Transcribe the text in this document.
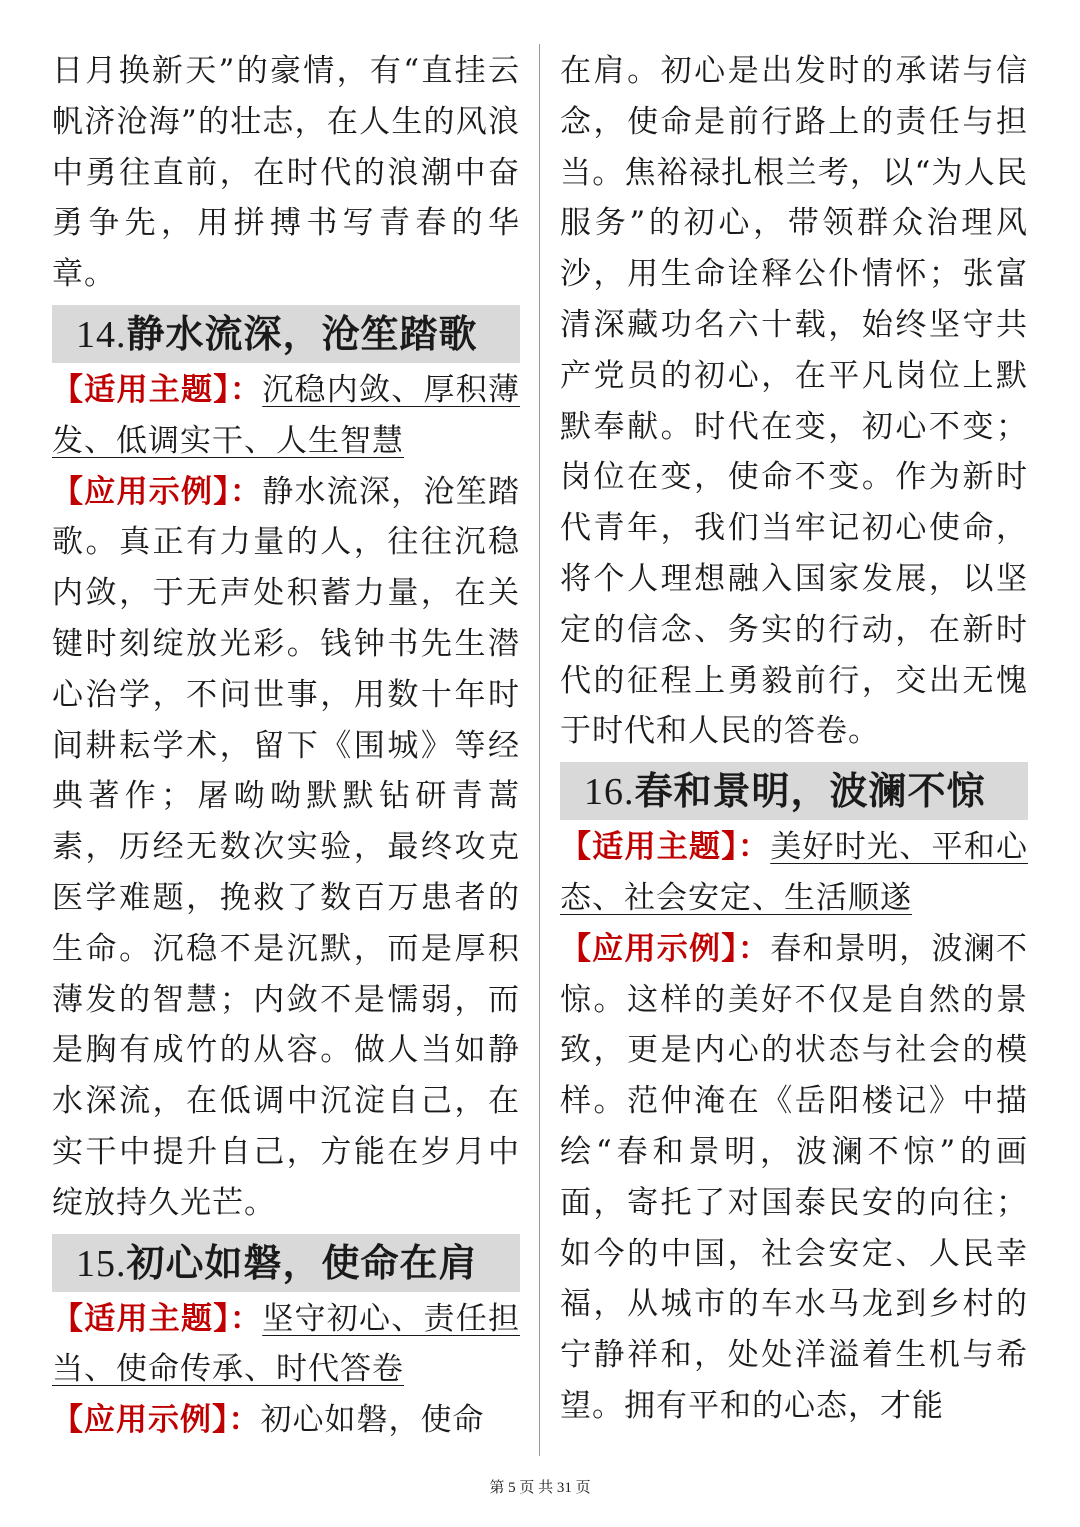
日月换新天”的豪情，有“直挂云帆济沧海”的壮志，在人生的风浪中勇往直前，在时代的浪潮中奋勇争先，用拼搏书写青春的华章。

14.静水流深，沧笙踏歌

【适用主题】：沉稳内敛、厚积薄发、低调实干、人生智慧

【应用示例】：静水流深，沧笙踏歌。真正有力量的人，往往沉稳内敛，于无声处积蓄力量，在关键时刻绽放光彩。钱钟书先生潜心治学，不问世事，用数十年时间耕耘学术，留下《围城》等经典著作；屠呦呦默默钻研青蒿素，历经无数次实验，最终攻克医学难题，挽救了数百万患者的生命。沉稳不是沉默，而是厚积薄发的智慧；内敛不是懦弱，而是胸有成竹的从容。做人当如静水深流，在低调中沉淀自己，在实干中提升自己，方能在岁月中绽放持久光芒。

15.初心如磐，使命在肩

【适用主题】：坚守初心、责任担当、使命传承、时代答卷

【应用示例】：初心如磐，使命

在肩。初心是出发时的承诺与信念，使命是前行路上的责任与担当。焦裕禄扎根兰考，以“为人民服务”的初心，带领群众治理风沙，用生命诠释公仆情怀；张富清深藏功名六十载，始终坚守共产党员的初心，在平凡岗位上默默奉献。时代在变，初心不变；岗位在变，使命不变。作为新时代青年，我们当牢记初心使命，将个人理想融入国家发展，以坚定的信念、务实的行动，在新时代的征程上勇毅前行，交出无愧于时代和人民的答卷。

16.春和景明，波澜不惊

【适用主题】：美好时光、平和心态、社会安定、生活顺遂

【应用示例】：春和景明，波澜不惊。这样的美好不仅是自然的景致，更是内心的状态与社会的模样。范仲淹在《岳阳楼记》中描绘“春和景明，波澜不惊”的画面，寄托了对国泰民安的向往；如今的中国，社会安定、人民幸福，从城市的车水马龙到乡村的宁静祥和，处处洋溢着生机与希望。拥有平和的心态，才能

第 5 页 共 31 页
